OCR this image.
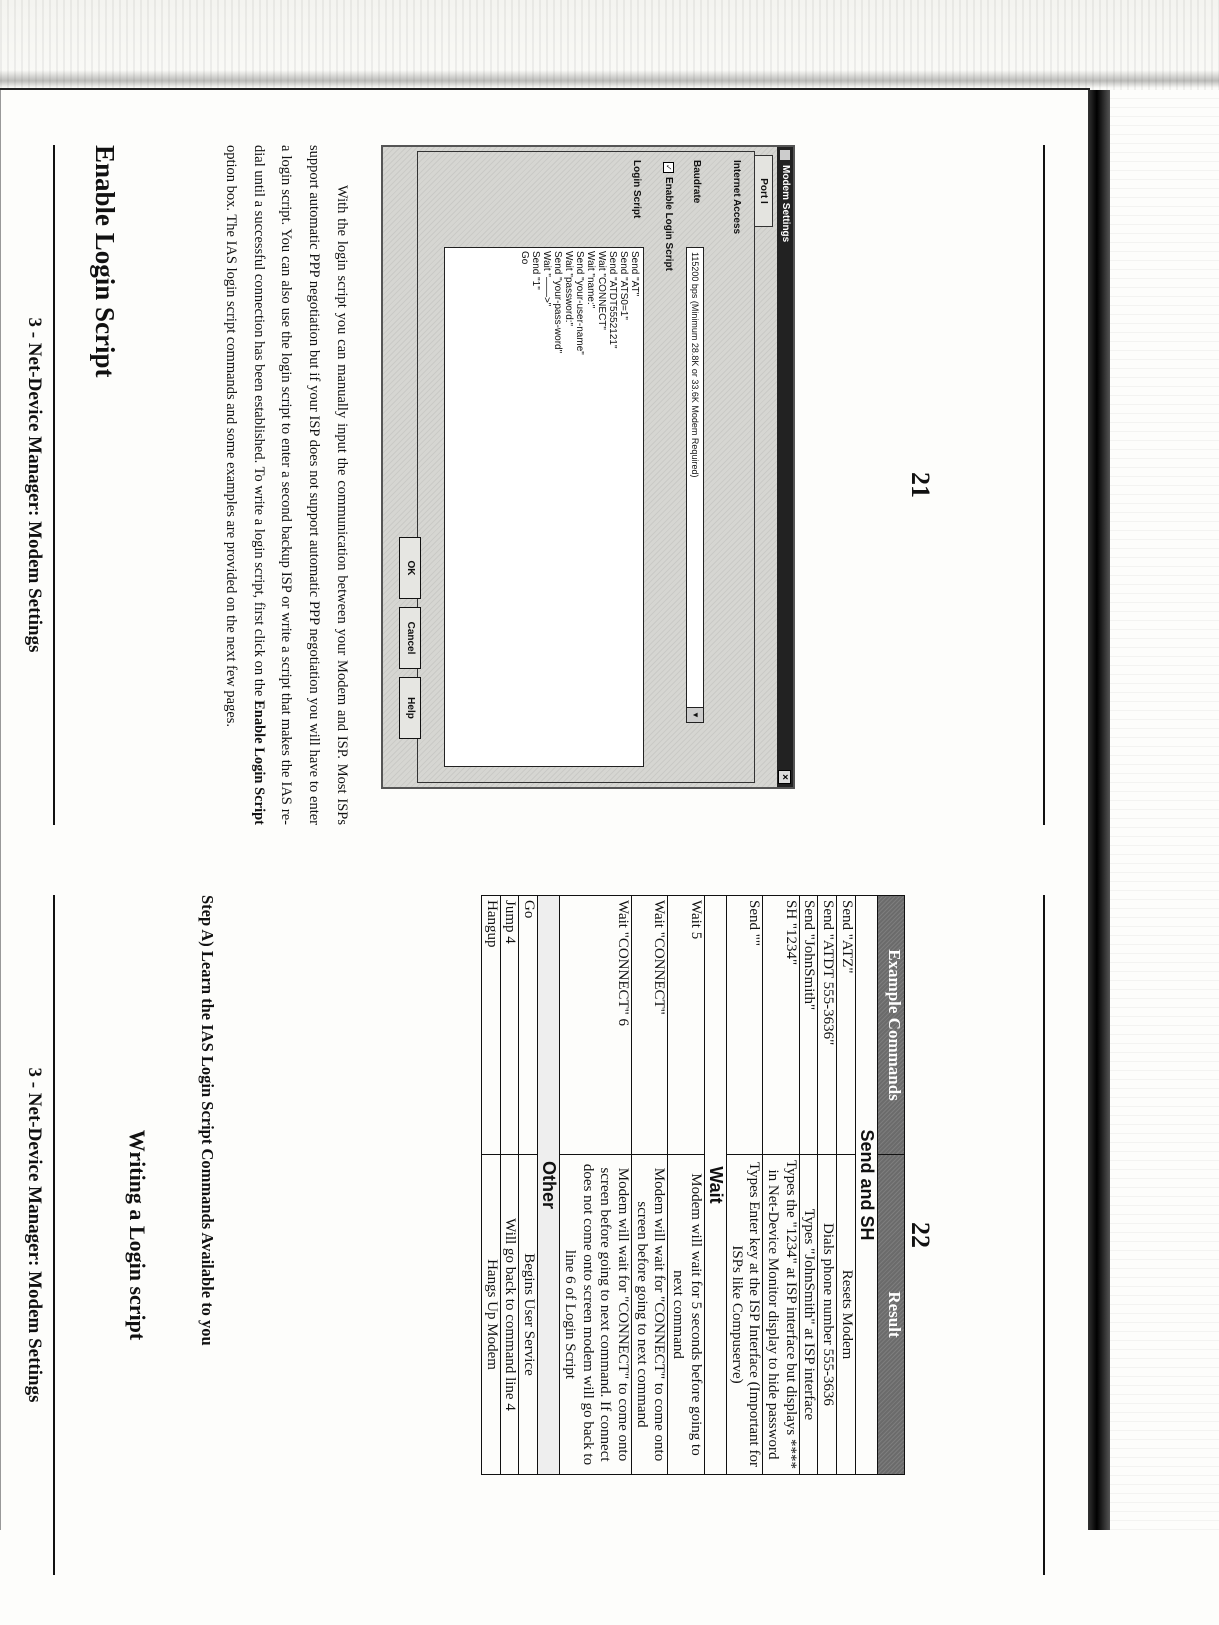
3 - Net-Device Manager: Modem Settings
Enable Login Script	With the login script you can manually input the communication between your Modem and ISP. Most ISPs support automatic PPP negotiation but if your ISP does not support automatic PPP negotiation you will have to enter a login script. You can also use the login script to enter a second backup ISP or write a script that makes the IAS re-dial until a successful connection has been established. To write a login script, first click on the Enable Login Script option box. The IAS login script commands and some examples are provided on the next few pages.	Modem Settings
×
Port I
Internet Access
Baudrate
115200 bps (Minimum 28.8K or 33.6K Modem Required)
▼
✓Enable Login Script
Login Script
Send "AT"
Send "ATS0=1"
Send "ATDT5552121"
Wait "CONNECT"
Wait "name:"
Send "your-user-name"
Wait "password:"
Send "your-pass-word"
Wait "——>"
Send "1"
Go
OK
Cancel
Help
21
3 - Net-Device Manager: Modem Settings	Writing a Login script	Step A) Learn the IAS Login Script Commands Available to you	Example Commands	Result
Send and SH	
Send "ATZ"	Resets Modem
Send "ATDT 555-3636"	Dials phone number 555-3636
Send "JohnSmith"	Types "JohnSmith" at ISP interface
SH "1234"	Types the "1234" at ISP interface but displays **** in Net-Device Monitor display to hide password
Send ""	Types Enter key at the ISP Interface (Important for ISPs like Compuserve)
Wait	
Wait 5	Modem will wait for 5 seconds before going to next command
Wait "CONNECT"	Modem will wait for "CONNECT" to come onto screen before going to next command
Wait "CONNECT" 6	Modem will wait for "CONNECT" to come onto screen before going to next command. If connect does not come onto screen modem will go back to line 6 of Login Script
Other	
Go	Begins User Service
Jump 4	Will go back to command line 4
Hangup	Hangs Up Modem
22
